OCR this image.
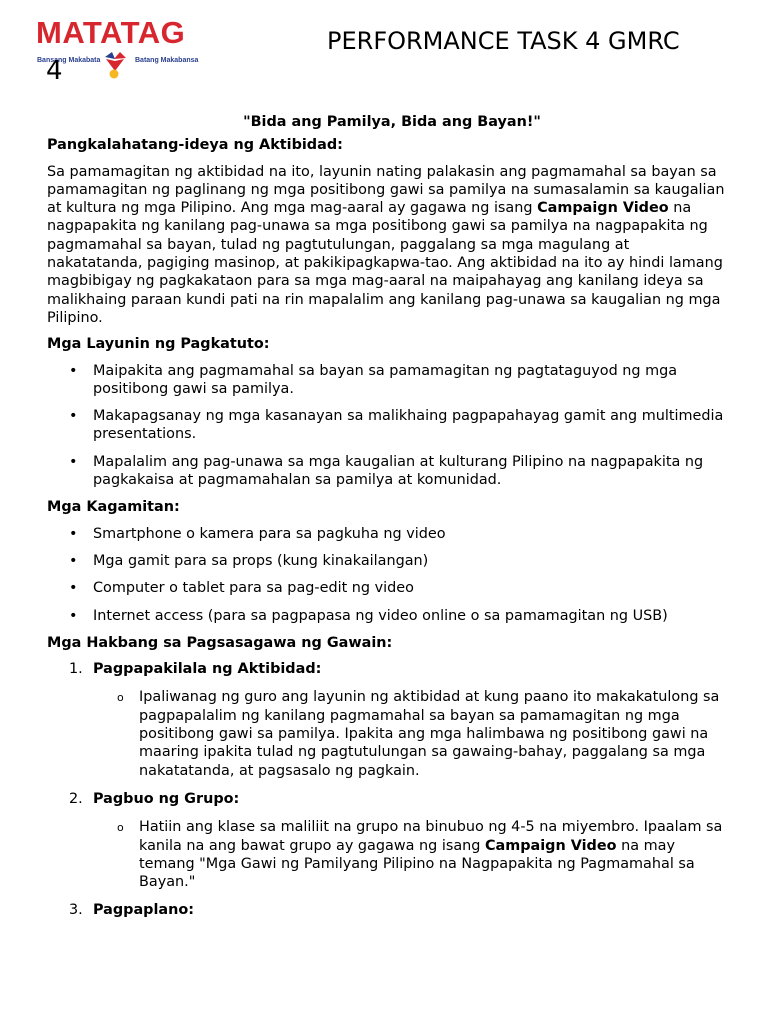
MATATAG
Bansang Makabata	Batang Makabansa
4
PERFORMANCE TASK 4 GMRC
"Bida ang Pamilya, Bida ang Bayan!"
Pangkalahatang-ideya ng Aktibidad:

Sa pamamagitan ng aktibidad na ito, layunin nating palakasin ang pagmamahal sa bayan sa pamamagitan ng paglinang ng mga positibong gawi sa pamilya na sumasalamin sa kaugalian at kultura ng mga Pilipino. Ang mga mag-aaral ay gagawa ng isang Campaign Video na nagpapakita ng kanilang pag-unawa sa mga positibong gawi sa pamilya na nagpapakita ng pagmamahal sa bayan, tulad ng pagtutulungan, paggalang sa mga magulang at nakatatanda, pagiging masinop, at pakikipagkapwa-tao. Ang aktibidad na ito ay hindi lamang magbibigay ng pagkakataon para sa mga mag-aaral na maipahayag ang kanilang ideya sa malikhaing paraan kundi pati na rin mapalalim ang kanilang pag-unawa sa kaugalian ng mga Pilipino.

Mga Layunin ng Pagkatuto:
• Maipakita ang pagmamahal sa bayan sa pamamagitan ng pagtataguyod ng mga positibong gawi sa pamilya.
• Makapagsanay ng mga kasanayan sa malikhaing pagpapahayag gamit ang multimedia presentations.
• Mapalalim ang pag-unawa sa mga kaugalian at kulturang Pilipino na nagpapakita ng pagkakaisa at pagmamahalan sa pamilya at komunidad.
Mga Kagamitan:
• Smartphone o kamera para sa pagkuha ng video
• Mga gamit para sa props (kung kinakailangan)
• Computer o tablet para sa pag-edit ng video
• Internet access (para sa pagpapasa ng video online o sa pamamagitan ng USB)
Mga Hakbang sa Pagsasagawa ng Gawain:
1. Pagpapakilala ng Aktibidad:
o Ipaliwanag ng guro ang layunin ng aktibidad at kung paano ito makakatulong sa pagpapalalim ng kanilang pagmamahal sa bayan sa pamamagitan ng mga positibong gawi sa pamilya. Ipakita ang mga halimbawa ng positibong gawi na maaring ipakita tulad ng pagtutulungan sa gawaing-bahay, paggalang sa mga nakatatanda, at pagsasalo ng pagkain.
2. Pagbuo ng Grupo:
o Hatiin ang klase sa maliliit na grupo na binubuo ng 4-5 na miyembro. Ipaalam sa kanila na ang bawat grupo ay gagawa ng isang Campaign Video na may temang "Mga Gawi ng Pamilyang Pilipino na Nagpapakita ng Pagmamahal sa Bayan."
3. Pagpaplano:
